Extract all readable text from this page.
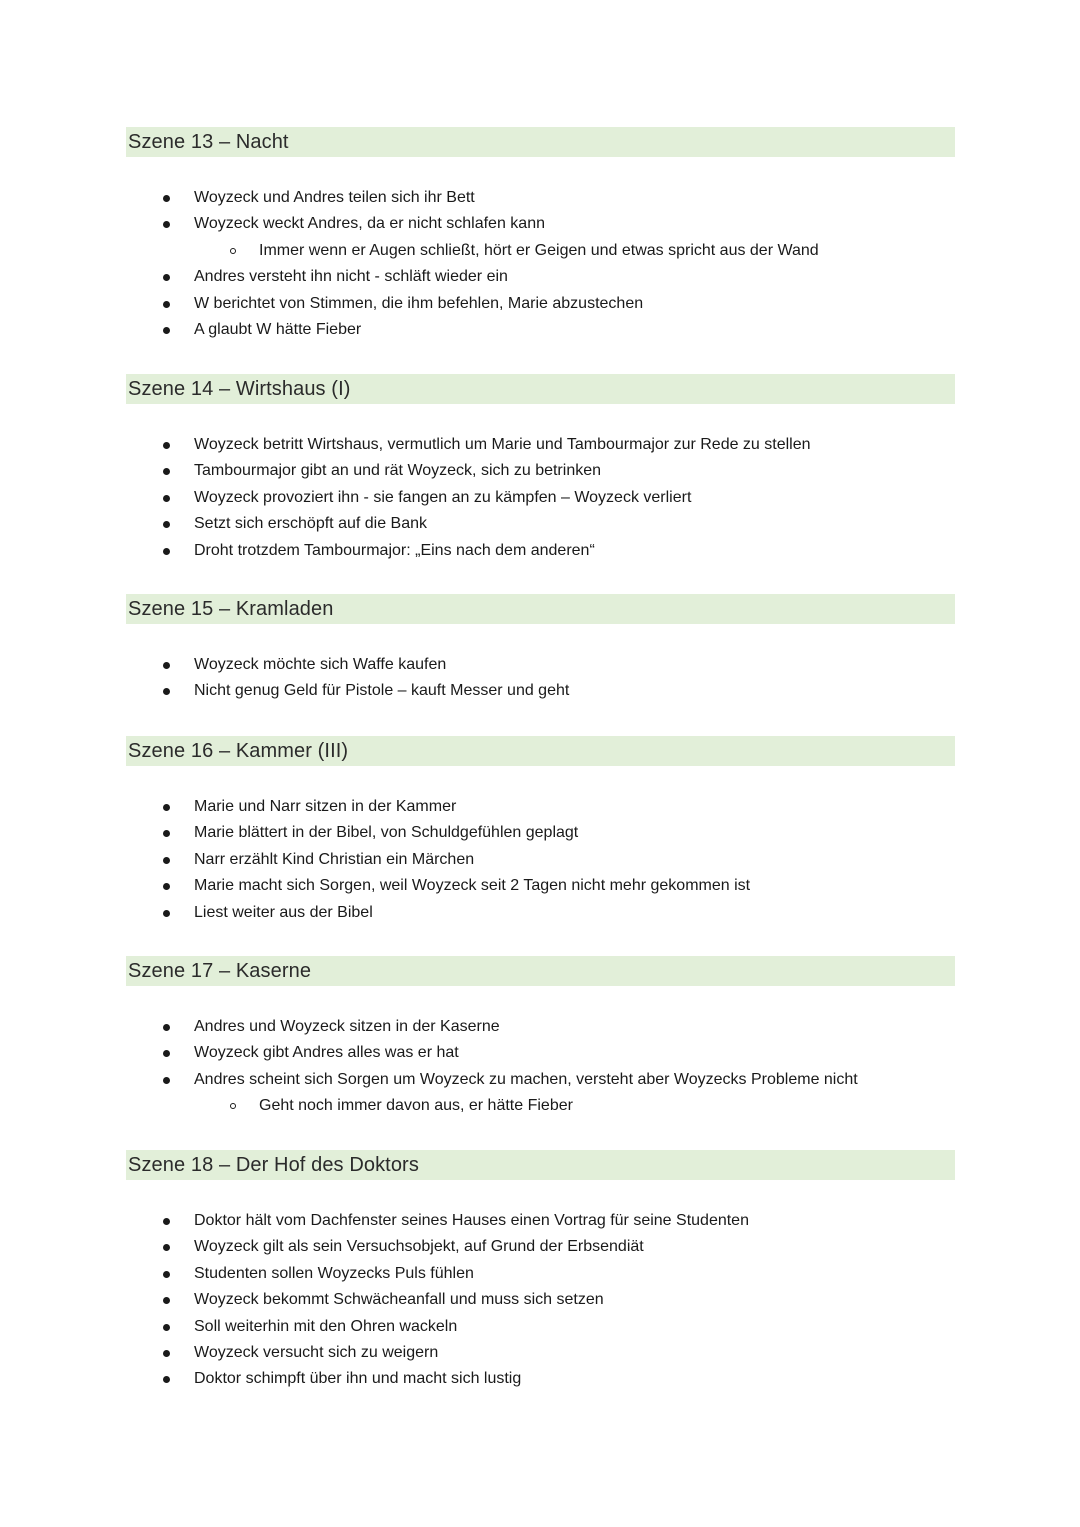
Szene 13 – Nacht
Woyzeck und Andres teilen sich ihr Bett
Woyzeck weckt Andres, da er nicht schlafen kann
Immer wenn er Augen schließt, hört er Geigen und etwas spricht aus der Wand
Andres versteht ihn nicht - schläft wieder ein
W berichtet von Stimmen, die ihm befehlen, Marie abzustechen
A glaubt W hätte Fieber
Szene 14 – Wirtshaus (I)
Woyzeck betritt Wirtshaus, vermutlich um Marie und Tambourmajor zur Rede zu stellen
Tambourmajor gibt an und rät Woyzeck, sich zu betrinken
Woyzeck provoziert ihn - sie fangen an zu kämpfen – Woyzeck verliert
Setzt sich erschöpft auf die Bank
Droht trotzdem Tambourmajor: „Eins nach dem anderen“
Szene 15 – Kramladen
Woyzeck möchte sich Waffe kaufen
Nicht genug Geld für Pistole – kauft Messer und geht
Szene 16 – Kammer (III)
Marie und Narr sitzen in der Kammer
Marie blättert in der Bibel, von Schuldgefühlen geplagt
Narr erzählt Kind Christian ein Märchen
Marie macht sich Sorgen, weil Woyzeck seit 2 Tagen nicht mehr gekommen ist
Liest weiter aus der Bibel
Szene 17 – Kaserne
Andres und Woyzeck sitzen in der Kaserne
Woyzeck gibt Andres alles was er hat
Andres scheint sich Sorgen um Woyzeck zu machen, versteht aber Woyzecks Probleme nicht
Geht noch immer davon aus, er hätte Fieber
Szene 18 – Der Hof des Doktors
Doktor hält vom Dachfenster seines Hauses einen Vortrag für seine Studenten
Woyzeck gilt als sein Versuchsobjekt, auf Grund der Erbsendiät
Studenten sollen Woyzecks Puls fühlen
Woyzeck bekommt Schwächeanfall und muss sich setzen
Soll weiterhin mit den Ohren wackeln
Woyzeck versucht sich zu weigern
Doktor schimpft über ihn und macht sich lustig
